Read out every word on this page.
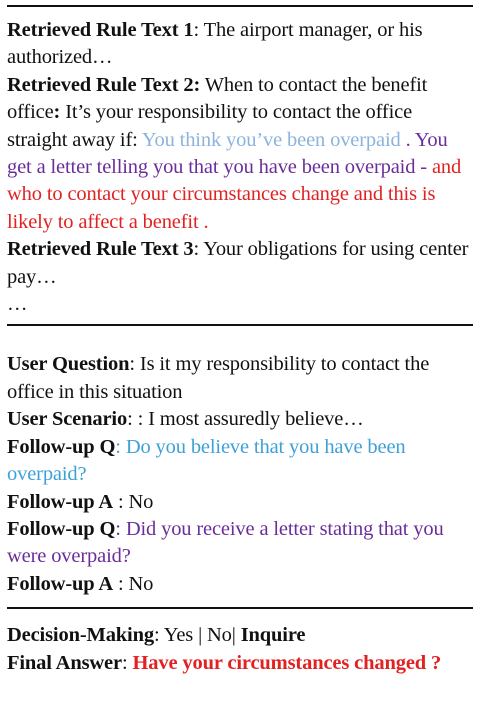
Retrieved Rule Text 1: The airport manager, or his authorized…

Retrieved Rule Text 2: When to contact the benefit office: It’s your responsibility to contact the office straight away if: You think you’ve been overpaid . You get a letter telling you that you have been overpaid - and who to contact your circumstances change and this is likely to affect a benefit .

Retrieved Rule Text 3: Your obligations for using center pay…

…

User Question: Is it my responsibility to contact the office in this situation

User Scenario: : I most assuredly believe…

Follow-up Q: Do you believe that you have been overpaid?

Follow-up A : No

Follow-up Q: Did you receive a letter stating that you were overpaid?

Follow-up A : No

Decision-Making: Yes | No| Inquire

Final Answer: Have your circumstances changed ?
